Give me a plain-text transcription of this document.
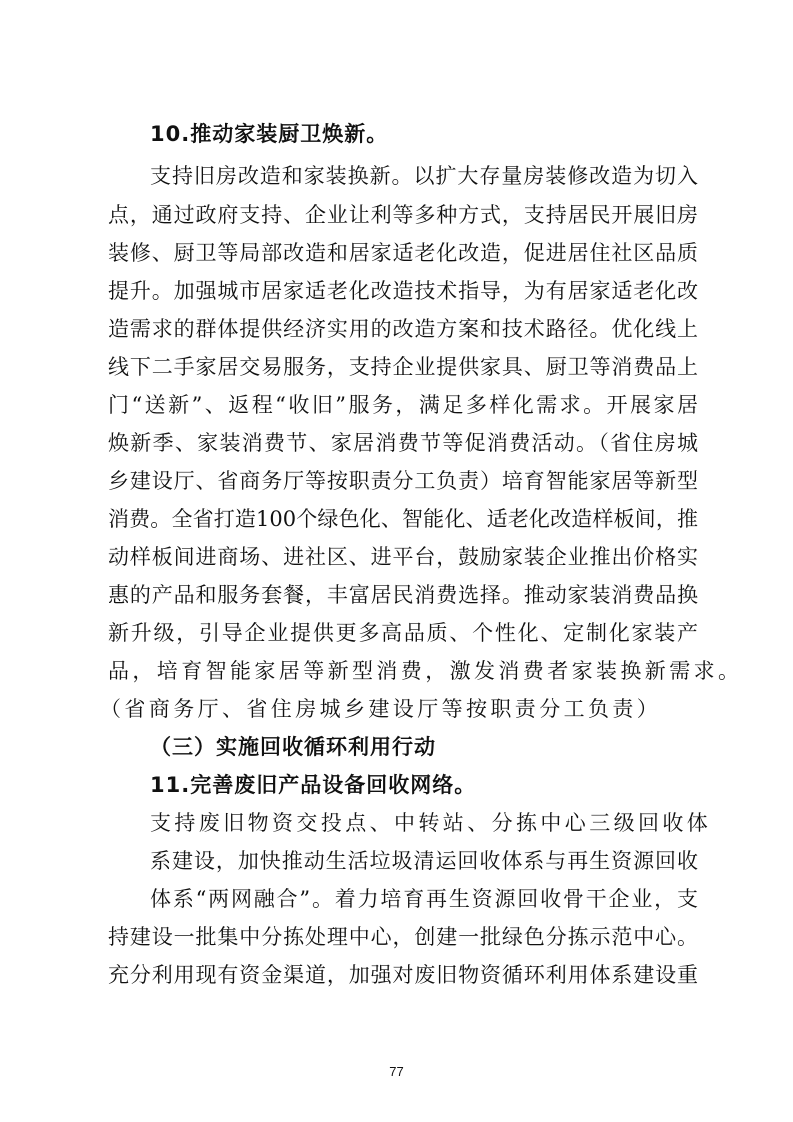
10.推动家装厨卫焕新。
支持旧房改造和家装换新。以扩大存量房装修改造为切入
点，通过政府支持、企业让利等多种方式，支持居民开展旧房
装修、厨卫等局部改造和居家适老化改造，促进居住社区品质
提升。加强城市居家适老化改造技术指导，为有居家适老化改
造需求的群体提供经济实用的改造方案和技术路径。优化线上
线下二手家居交易服务，支持企业提供家具、厨卫等消费品上
门“送新”、返程“收旧”服务，满足多样化需求。开展家居
焕新季、家装消费节、家居消费节等促消费活动。（省住房城
乡建设厅、省商务厅等按职责分工负责）培育智能家居等新型
消费。全省打造100个绿色化、智能化、适老化改造样板间，推
动样板间进商场、进社区、进平台，鼓励家装企业推出价格实
惠的产品和服务套餐，丰富居民消费选择。推动家装消费品换
新升级，引导企业提供更多高品质、个性化、定制化家装产
品，培育智能家居等新型消费，激发消费者家装换新需求。
（省商务厅、省住房城乡建设厅等按职责分工负责）
（三）实施回收循环利用行动
11.完善废旧产品设备回收网络。
支持废旧物资交投点、中转站、分拣中心三级回收体
系建设，加快推动生活垃圾清运回收体系与再生资源回收
体系“两网融合”。着力培育再生资源回收骨干企业，支
持建设一批集中分拣处理中心，创建一批绿色分拣示范中心。
充分利用现有资金渠道，加强对废旧物资循环利用体系建设重
77
